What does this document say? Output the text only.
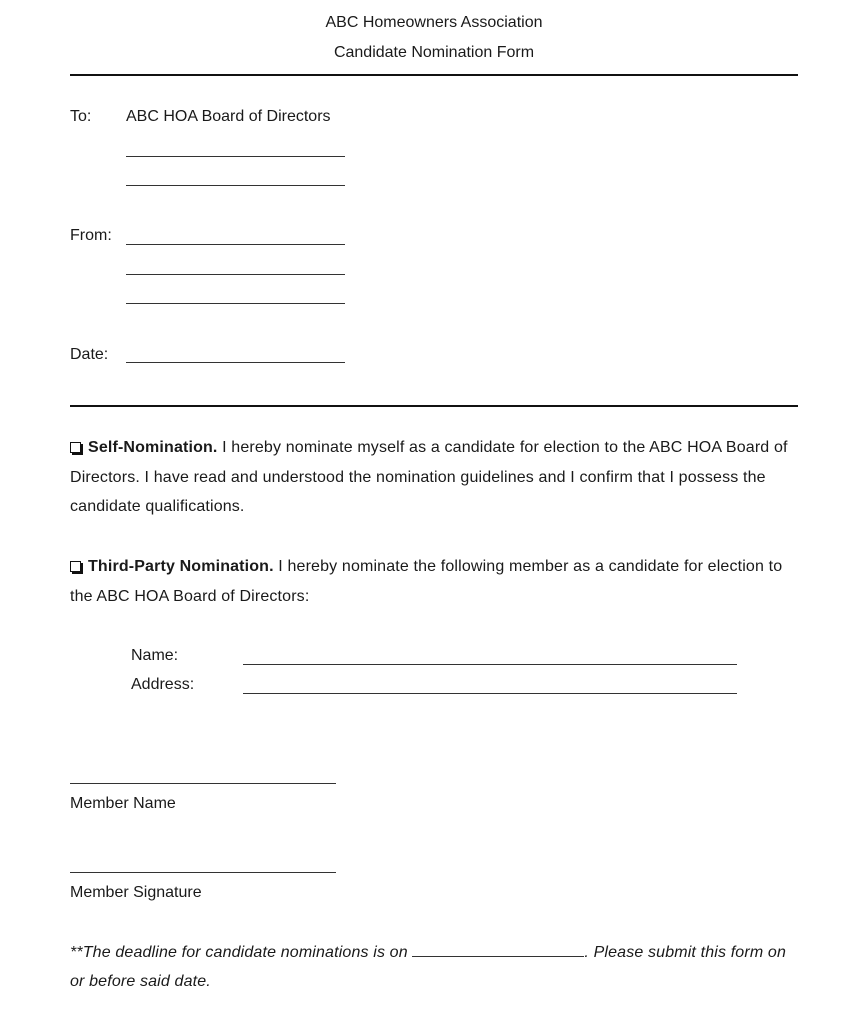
ABC Homeowners Association
Candidate Nomination Form
To: ABC HOA Board of Directors
From:
Date:
Self-Nomination. I hereby nominate myself as a candidate for election to the ABC HOA Board of Directors. I have read and understood the nomination guidelines and I confirm that I possess the candidate qualifications.
Third-Party Nomination. I hereby nominate the following member as a candidate for election to the ABC HOA Board of Directors:
Name:
Address:
Member Name
Member Signature
**The deadline for candidate nominations is on	. Please submit this form on or before said date.
